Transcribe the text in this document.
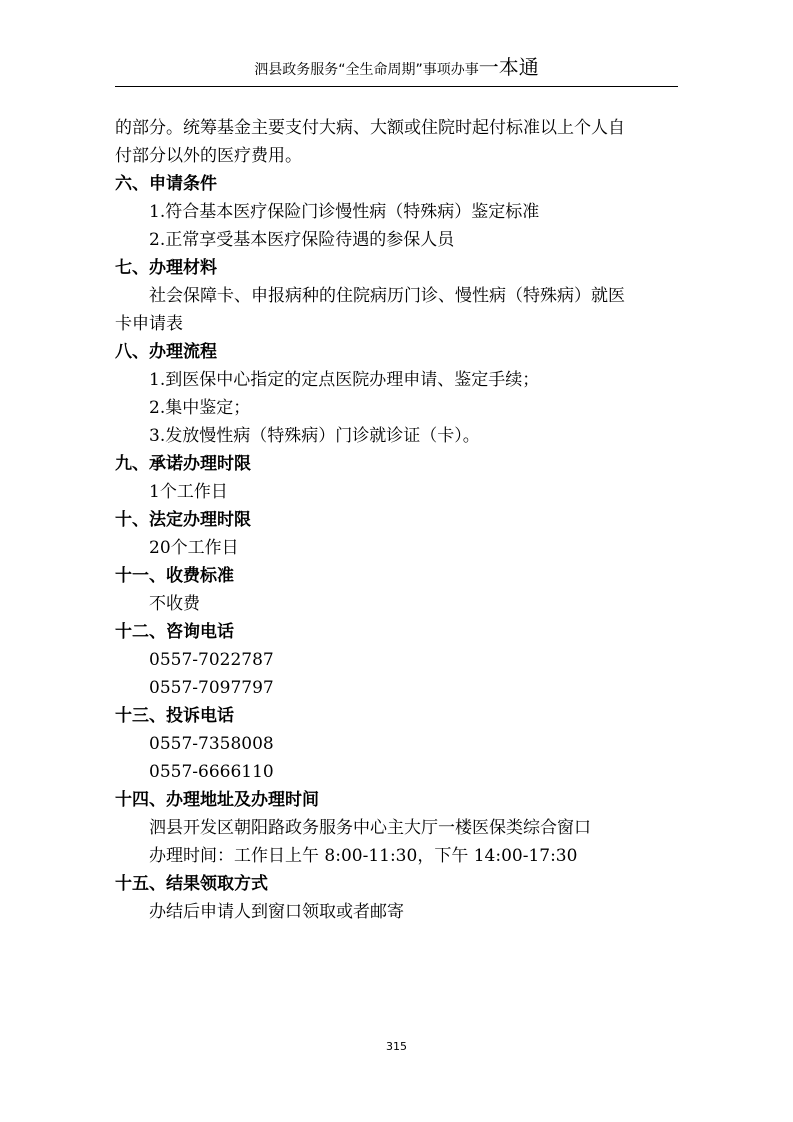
泗县政务服务“全生命周期”事项办事一本通
的部分。统筹基金主要支付大病、大额或住院时起付标准以上个人自
付部分以外的医疗费用。
六、申请条件
1.符合基本医疗保险门诊慢性病（特殊病）鉴定标准
2.正常享受基本医疗保险待遇的参保人员
七、办理材料
社会保障卡、申报病种的住院病历门诊、慢性病（特殊病）就医
卡申请表
八、办理流程
1.到医保中心指定的定点医院办理申请、鉴定手续；
2.集中鉴定；
3.发放慢性病（特殊病）门诊就诊证（卡）。
九、承诺办理时限
1个工作日
十、法定办理时限
20个工作日
十一、收费标准
不收费
十二、咨询电话
0557-7022787
0557-7097797
十三、投诉电话
0557-7358008
0557-6666110
十四、办理地址及办理时间
泗县开发区朝阳路政务服务中心主大厅一楼医保类综合窗口
办理时间：工作日上午 8:00-11:30，下午 14:00-17:30
十五、结果领取方式
办结后申请人到窗口领取或者邮寄
315
